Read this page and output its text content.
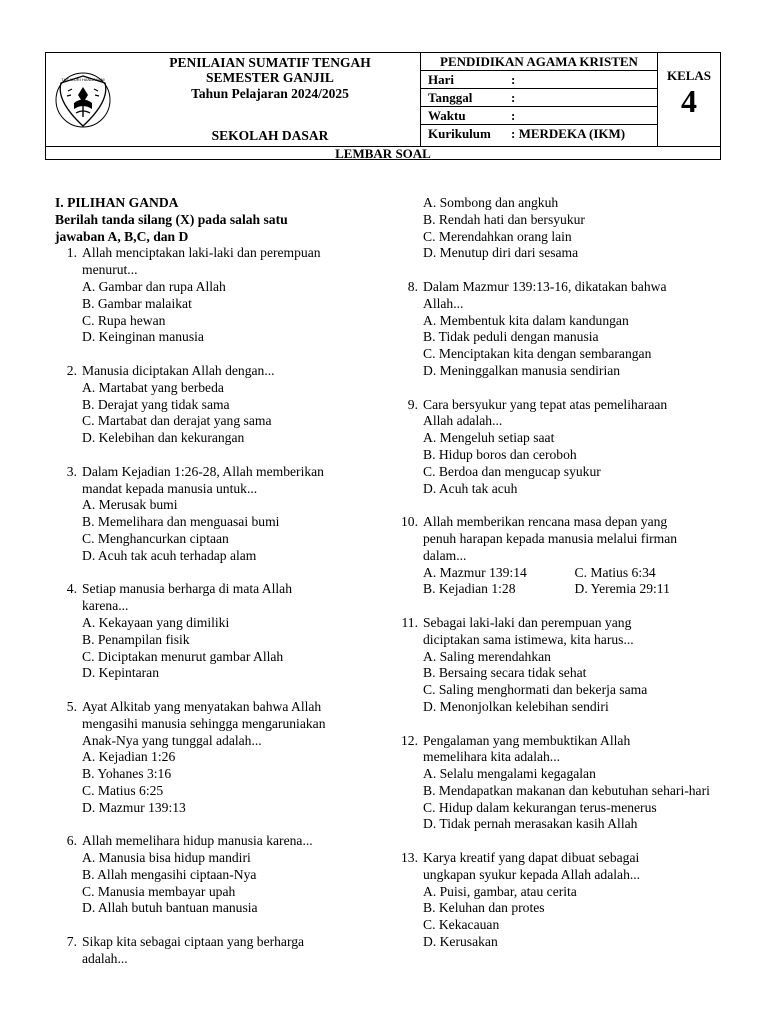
TUT WURI HANDAYANI
PENILAIAN SUMATIF TENGAH
SEMESTER GANJIL
Tahun Pelajaran 2024/2025
SEKOLAH DASAR
PENDIDIKAN AGAMA KRISTEN
Hari	:
Tanggal	:
Waktu	:
Kurikulum : MERDEKA (IKM)
KELAS
4
LEMBAR SOAL
I. PILIHAN GANDA
Berilah tanda silang (X) pada salah satu
jawaban A, B,C, dan D
1. Allah menciptakan laki-laki dan perempuan
menurut...
A. Gambar dan rupa Allah
B. Gambar malaikat
C. Rupa hewan
D. Keinginan manusia
2. Manusia diciptakan Allah dengan...
A. Martabat yang berbeda
B. Derajat yang tidak sama
C. Martabat dan derajat yang sama
D. Kelebihan dan kekurangan
3. Dalam Kejadian 1:26-28, Allah memberikan
mandat kepada manusia untuk...
A. Merusak bumi
B. Memelihara dan menguasai bumi
C. Menghancurkan ciptaan
D. Acuh tak acuh terhadap alam
4. Setiap manusia berharga di mata Allah
karena...
A. Kekayaan yang dimiliki
B. Penampilan fisik
C. Diciptakan menurut gambar Allah
D. Kepintaran
5. Ayat Alkitab yang menyatakan bahwa Allah
mengasihi manusia sehingga mengaruniakan
Anak-Nya yang tunggal adalah...
A. Kejadian 1:26
B. Yohanes 3:16
C. Matius 6:25
D. Mazmur 139:13
6. Allah memelihara hidup manusia karena...
A. Manusia bisa hidup mandiri
B. Allah mengasihi ciptaan-Nya
C. Manusia membayar upah
D. Allah butuh bantuan manusia
7. Sikap kita sebagai ciptaan yang berharga
adalah...
A. Sombong dan angkuh
B. Rendah hati dan bersyukur
C. Merendahkan orang lain
D. Menutup diri dari sesama
8. Dalam Mazmur 139:13-16, dikatakan bahwa
Allah...
A. Membentuk kita dalam kandungan
B. Tidak peduli dengan manusia
C. Menciptakan kita dengan sembarangan
D. Meninggalkan manusia sendirian
9. Cara bersyukur yang tepat atas pemeliharaan
Allah adalah...
A. Mengeluh setiap saat
B. Hidup boros dan ceroboh
C. Berdoa dan mengucap syukur
D. Acuh tak acuh
10. Allah memberikan rencana masa depan yang
penuh harapan kepada manusia melalui firman
dalam...
A. Mazmur 139:14	C. Matius 6:34
B. Kejadian 1:28	D. Yeremia 29:11
11. Sebagai laki-laki dan perempuan yang
diciptakan sama istimewa, kita harus...
A. Saling merendahkan
B. Bersaing secara tidak sehat
C. Saling menghormati dan bekerja sama
D. Menonjolkan kelebihan sendiri
12. Pengalaman yang membuktikan Allah
memelihara kita adalah...
A. Selalu mengalami kegagalan
B. Mendapatkan makanan dan kebutuhan sehari-hari
C. Hidup dalam kekurangan terus-menerus
D. Tidak pernah merasakan kasih Allah
13. Karya kreatif yang dapat dibuat sebagai
ungkapan syukur kepada Allah adalah...
A. Puisi, gambar, atau cerita
B. Keluhan dan protes
C. Kekacauan
D. Kerusakan
